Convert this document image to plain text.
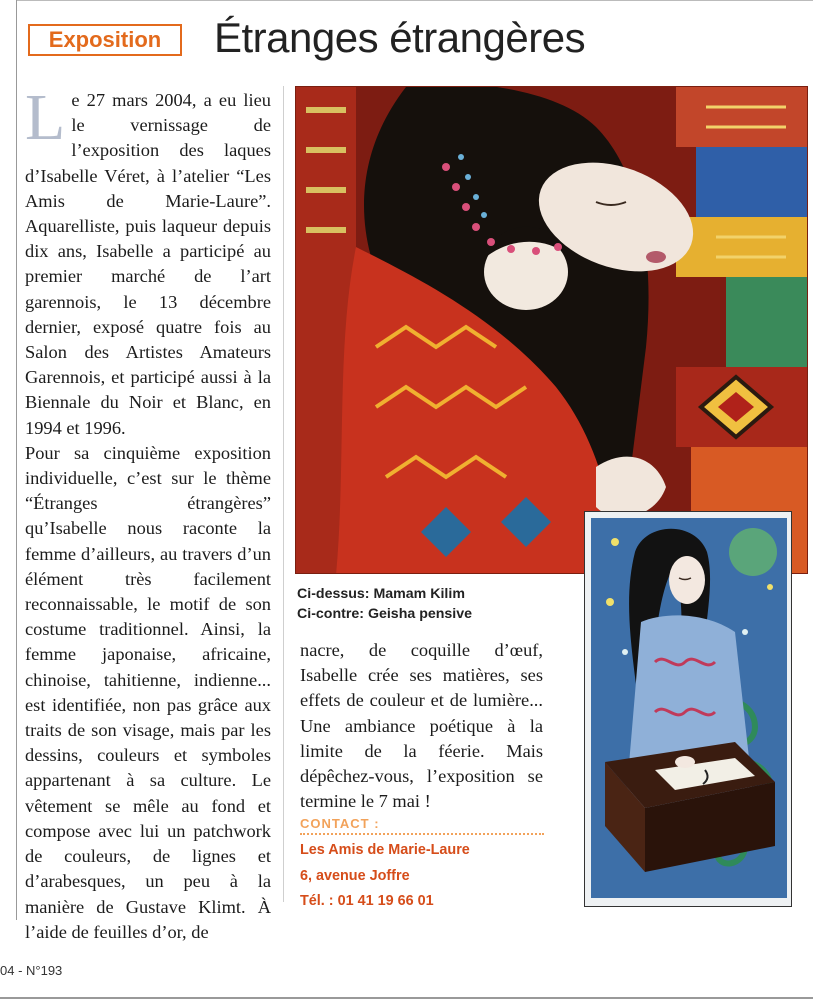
Exposition Étranges étrangères

Le 27 mars 2004, a eu lieu le vernissage de l’exposition des laques d’Isabelle Véret, à l’atelier “Les Amis de Marie-Laure”. Aquarelliste, puis laqueur depuis dix ans, Isabelle a participé au premier marché de l’art garennois, le 13 décembre dernier, exposé quatre fois au Salon des Artistes Amateurs Garennois, et participé aussi à la Biennale du Noir et Blanc, en 1994 et 1996.

Pour sa cinquième exposition individuelle, c’est sur le thème “Étranges étrangères” qu’Isabelle nous raconte la femme d’ailleurs, au travers d’un élément très facilement reconnaissable, le motif de son costume traditionnel. Ainsi, la femme japonaise, africaine, chinoise, tahitienne, indienne... est identifiée, non pas grâce aux traits de son visage, mais par les dessins, couleurs et symboles appartenant à sa culture. Le vêtement se mêle au fond et compose avec lui un patchwork de couleurs, de lignes et d’arabesques, un peu à la manière de Gustave Klimt. À l’aide de feuilles d’or, de

Ci-dessus: Mamam Kilim
Ci-contre: Geisha pensive

nacre, de coquille d’œuf, Isabelle crée ses matières, ses effets de couleur et de lumière... Une ambiance poétique à la limite de la féerie. Mais dépêchez-vous, l’exposition se termine le 7 mai !

CONTACT :
Les Amis de Marie-Laure
6, avenue Joffre
Tél. : 01 41 19 66 01
04 - N°193
